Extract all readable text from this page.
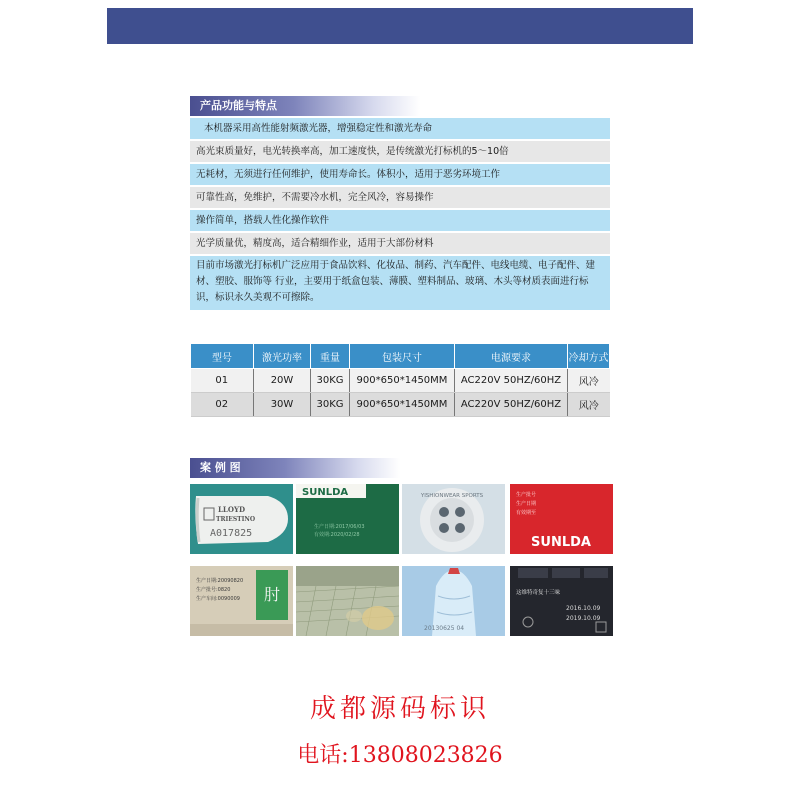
产品功能与特点
本机器采用高性能射频激光器，增强稳定性和激光寿命
高光束质量好，电光转换率高，加工速度快，是传统激光打标机的5～10倍
无耗材，无须进行任何维护，使用寿命长。体积小，适用于恶劣环境工作
可靠性高，免维护，不需要冷水机，完全风冷，容易操作
操作简单，搭载人性化操作软件
光学质量优，精度高，适合精细作业，适用于大部份材料
目前市场激光打标机广泛应用于食品饮料、化妆品、制药、汽车配件、电线电缆、电子配件、建材、塑胶、服饰等 行业，主要用于纸盒包装、薄膜、塑料制品、玻璃、木头等材质表面进行标识，标识永久美观不可擦除。
型号	激光功率	重量	包装尺寸	电源要求	冷却方式
01	20W	30KG	900*650*1450MM	AC220V 50HZ/60HZ	风冷
02	30W	30KG	900*650*1450MM	AC220V 50HZ/60HZ	风冷
案 例 图
LLOYD
TRIESTINO
A017825
SUNLDA
生产日期:2017/06/03
有效期:2020/02/28
YISHIONWEAR SPORTS	生产批号
生产日期
有效期至
SUNLDA
肘
生产日期:20090820
生产批号:0820
生产车间:0090009
20130625 04
这维特奇复十三味
2016.10.09
2019.10.09
成都源码标识
电话:13808023826
